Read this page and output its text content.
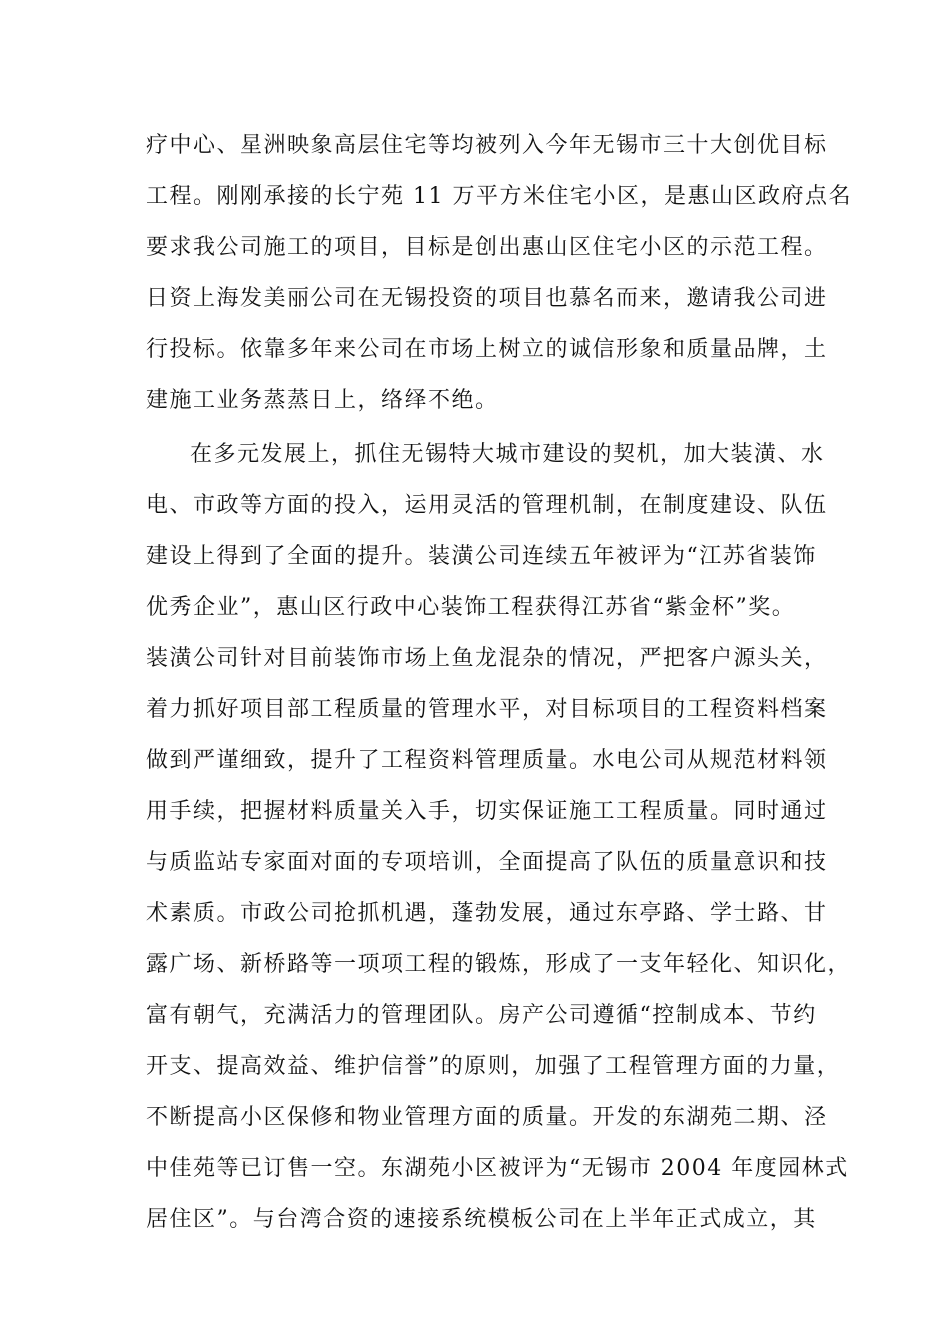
疗中心、星洲映象高层住宅等均被列入今年无锡市三十大创优目标
工程。刚刚承接的长宁苑 11 万平方米住宅小区，是惠山区政府点名
要求我公司施工的项目，目标是创出惠山区住宅小区的示范工程。
日资上海发美丽公司在无锡投资的项目也慕名而来，邀请我公司进
行投标。依靠多年来公司在市场上树立的诚信形象和质量品牌，土
建施工业务蒸蒸日上，络绎不绝。
在多元发展上，抓住无锡特大城市建设的契机，加大装潢、水
电、市政等方面的投入，运用灵活的管理机制，在制度建设、队伍
建设上得到了全面的提升。装潢公司连续五年被评为“江苏省装饰
优秀企业”，惠山区行政中心装饰工程获得江苏省“紫金杯”奖。
装潢公司针对目前装饰市场上鱼龙混杂的情况，严把客户源头关，
着力抓好项目部工程质量的管理水平，对目标项目的工程资料档案
做到严谨细致，提升了工程资料管理质量。水电公司从规范材料领
用手续，把握材料质量关入手，切实保证施工工程质量。同时通过
与质监站专家面对面的专项培训，全面提高了队伍的质量意识和技
术素质。市政公司抢抓机遇，蓬勃发展，通过东亭路、学士路、甘
露广场、新桥路等一项项工程的锻炼，形成了一支年轻化、知识化，
富有朝气，充满活力的管理团队。房产公司遵循“控制成本、节约
开支、提高效益、维护信誉”的原则，加强了工程管理方面的力量，
不断提高小区保修和物业管理方面的质量。开发的东湖苑二期、泾
中佳苑等已订售一空。东湖苑小区被评为“无锡市 2004 年度园林式
居住区”。与台湾合资的速接系统模板公司在上半年正式成立，其
